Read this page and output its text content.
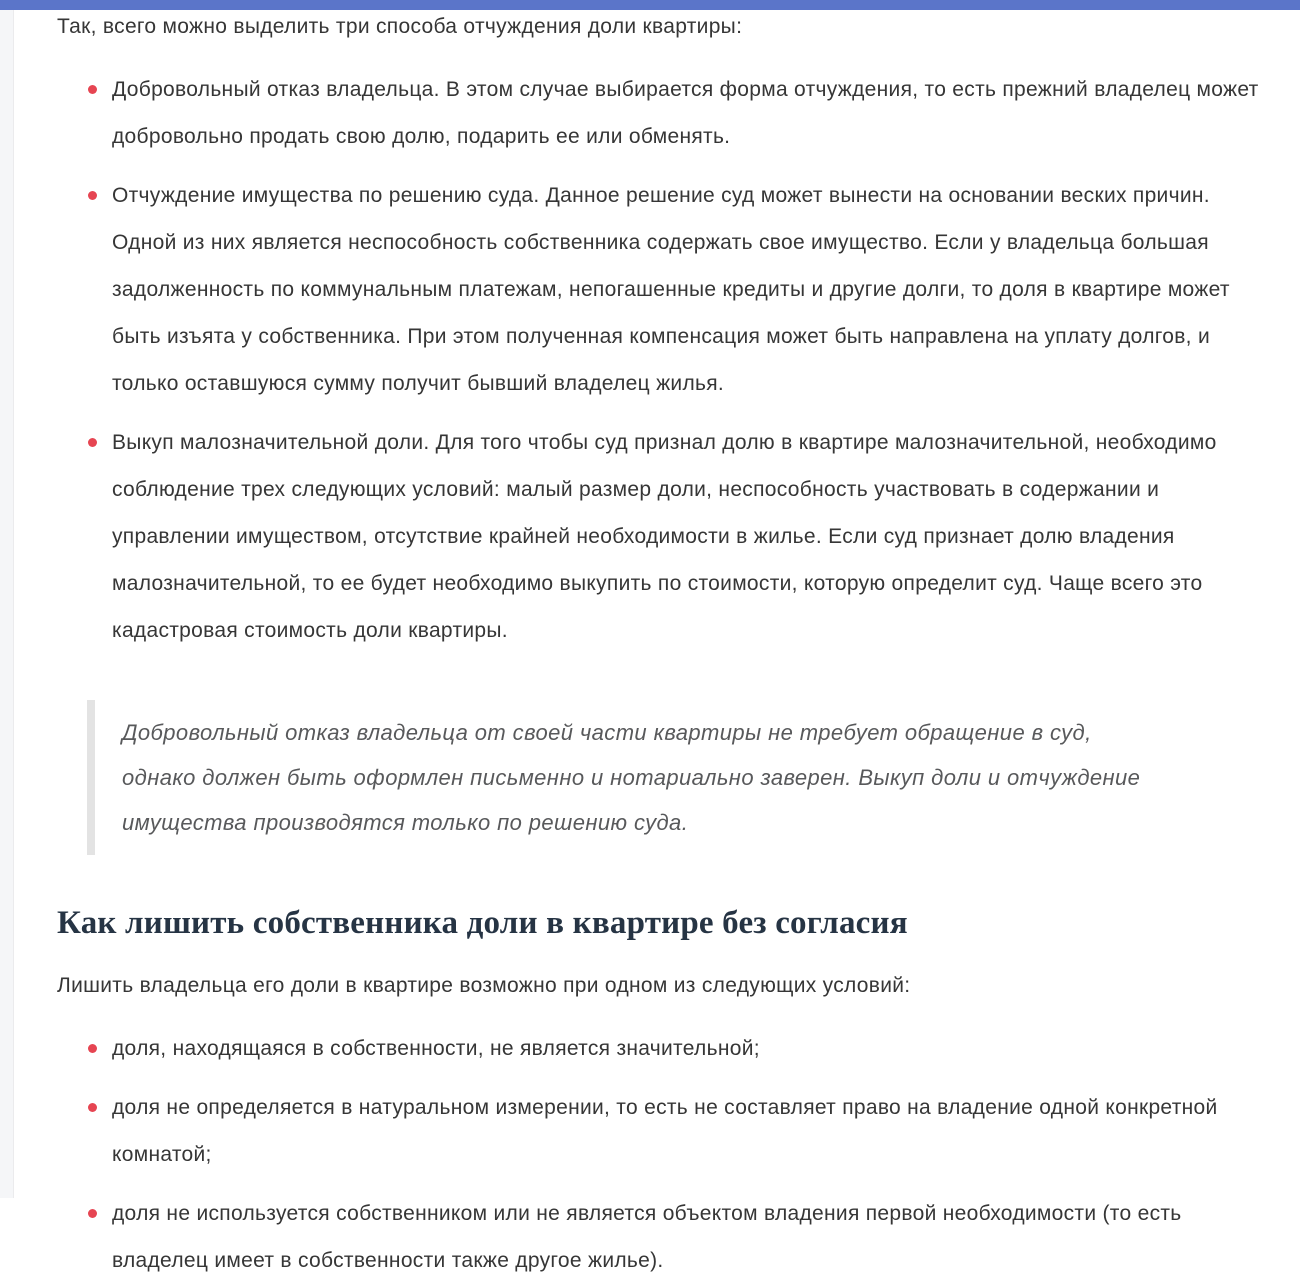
Так, всего можно выделить три способа отчуждения доли квартиры:

Добровольный отказ владельца. В этом случае выбирается форма отчуждения, то есть прежний владелец может добровольно продать свою долю, подарить ее или обменять.
Отчуждение имущества по решению суда. Данное решение суд может вынести на основании веских причин. Одной из них является неспособность собственника содержать свое имущество. Если у владельца большая задолженность по коммунальным платежам, непогашенные кредиты и другие долги, то доля в квартире может быть изъята у собственника. При этом полученная компенсация может быть направлена на уплату долгов, и только оставшуюся сумму получит бывший владелец жилья.
Выкуп малозначительной доли. Для того чтобы суд признал долю в квартире малозначительной, необходимо соблюдение трех следующих условий: малый размер доли, неспособность участвовать в содержании и управлении имуществом, отсутствие крайней необходимости в жилье. Если суд признает долю владения малозначительной, то ее будет необходимо выкупить по стоимости, которую определит суд. Чаще всего это кадастровая стоимость доли квартиры.

Добровольный отказ владельца от своей части квартиры не требует обращение в суд, однако должен быть оформлен письменно и нотариально заверен. Выкуп доли и отчуждение имущества производятся только по решению суда.

Как лишить собственника доли в квартире без согласия

Лишить владельца его доли в квартире возможно при одном из следующих условий:

доля, находящаяся в собственности, не является значительной;
доля не определяется в натуральном измерении, то есть не составляет право на владение одной конкретной комнатой;
доля не используется собственником или не является объектом владения первой необходимости (то есть владелец имеет в собственности также другое жилье).
